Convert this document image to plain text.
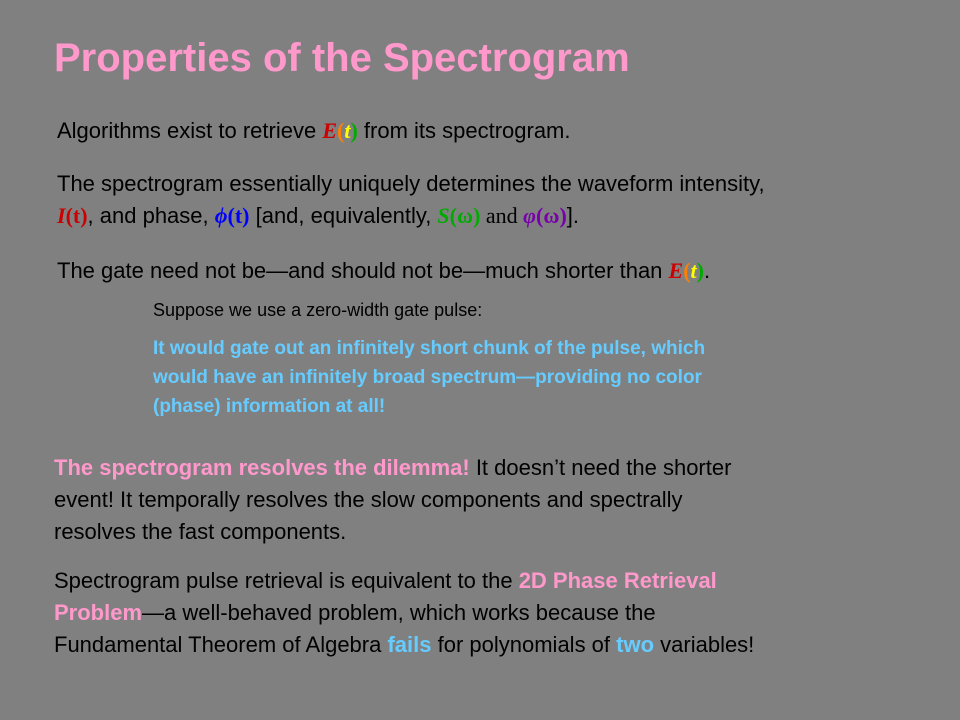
Properties of the Spectrogram

Algorithms exist to retrieve E(t) from its spectrogram.

The spectrogram essentially uniquely determines the waveform intensity,
I(t), and phase, ϕ(t) [and, equivalently, S(ω) and φ(ω)].

The gate need not be—and should not be—much shorter than E(t).

Suppose we use a zero-width gate pulse:

It would gate out an infinitely short chunk of the pulse, which
would have an infinitely broad spectrum—providing no color
(phase) information at all!

The spectrogram resolves the dilemma! It doesn’t need the shorter
event! It temporally resolves the slow components and spectrally
resolves the fast components.

Spectrogram pulse retrieval is equivalent to the 2D Phase Retrieval
Problem—a well-behaved problem, which works because the
Fundamental Theorem of Algebra fails for polynomials of two variables!
